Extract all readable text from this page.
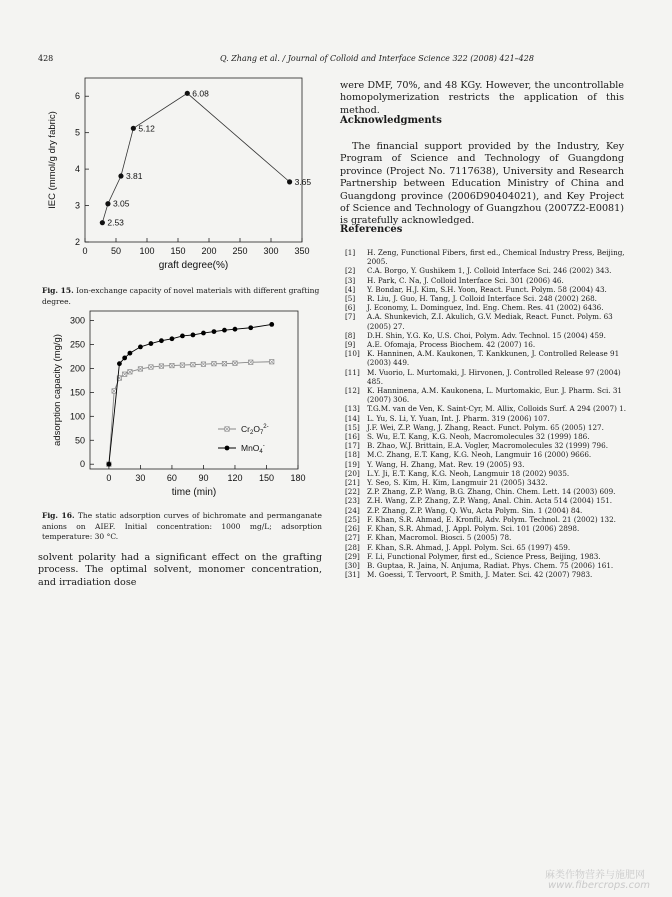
428	Q. Zhang et al. / Journal of Colloid and Interface Science 322 (2008) 421–428
0	50 100 150 200 250 300 350
2
3
4
5
6
graft degree(%)
IEC (mmol/g dry fabric)
2.53
3.05
3.81
5.12
6.08
3.65
Fig. 15. Ion-exchange capacity of novel materials with different grafting degree.
0	30 60 90 120 150 180
0
50
100
150
200
250
300
time (min)
adsorption capacity (mg/g)	$Cr_2O_7^{2-}$
MnO$_4$-
Fig. 16. The static adsorption curves of bichromate and permanganate anions on AIEF. Initial concentration: 1000 mg/L; adsorption temperature: 30 °C.
solvent polarity had a significant effect on the grafting process. The optimal solvent, monomer concentration, and irradiation dose
were DMF, 70%, and 48 KGy. However, the uncontrollable homopolymerization restricts the application of this method.
Acknowledgments
The financial support provided by the Industry, Key Program of Science and Technology of Guangdong province (Project No. 7117638), University and Research Partnership between Education Ministry of China and Guangdong province (2006D90404021), and Key Project of Science and Technology of Guangzhou (2007Z2-E0081) is gratefully acknowledged.
References
[1] H. Zeng, Functional Fibers, first ed., Chemical Industry Press, Beijing, 2005.
[2] C.A. Borgo, Y. Gushikem 1, J. Colloid Interface Sci. 246 (2002) 343.
[3] H. Park, C. Na, J. Colloid Interface Sci. 301 (2006) 46.
[4] Y. Bondar, H.J. Kim, S.H. Yoon, React. Funct. Polym. 58 (2004) 43.
[5] R. Liu, J. Guo, H. Tang, J. Colloid Interface Sci. 248 (2002) 268.
[6] J. Economy, L. Dominguez, Ind. Eng. Chem. Res. 41 (2002) 6436.
[7] A.A. Shunkevich, Z.I. Akulich, G.V. Mediak, React. Funct. Polym. 63 (2005) 27.
[8] D.H. Shin, Y.G. Ko, U.S. Choi, Polym. Adv. Technol. 15 (2004) 459.
[9] A.E. Ofomaja, Process Biochem. 42 (2007) 16.
[10] K. Hanninen, A.M. Kaukonen, T. Kankkunen, J. Controlled Release 91 (2003) 449.
[11] M. Vuorio, L. Murtomaki, J. Hirvonen, J. Controlled Release 97 (2004) 485.
[12] K. Hanninena, A.M. Kaukonena, L. Murtomakic, Eur. J. Pharm. Sci. 31 (2007) 306.
[13] T.G.M. van de Ven, K. Saint-Cyr, M. Allix, Colloids Surf. A 294 (2007) 1.
[14] L. Yu, S. Li, Y. Yuan, Int. J. Pharm. 319 (2006) 107.
[15] J.F. Wei, Z.P. Wang, J. Zhang, React. Funct. Polym. 65 (2005) 127.
[16] S. Wu, E.T. Kang, K.G. Neoh, Macromolecules 32 (1999) 186.
[17] B. Zhao, W.J. Brittain, E.A. Vogler, Macromolecules 32 (1999) 796.
[18] M.C. Zhang, E.T. Kang, K.G. Neoh, Langmuir 16 (2000) 9666.
[19] Y. Wang, H. Zhang, Mat. Rev. 19 (2005) 93.
[20] L.Y. Ji, E.T. Kang, K.G. Neoh, Langmuir 18 (2002) 9035.
[21] Y. Seo, S. Kim, H. Kim, Langmuir 21 (2005) 3432.
[22] Z.P. Zhang, Z.P. Wang, B.G. Zhang, Chin. Chem. Lett. 14 (2003) 609.
[23] Z.H. Wang, Z.P. Zhang, Z.P. Wang, Anal. Chin. Acta 514 (2004) 151.
[24] Z.P. Zhang, Z.P. Wang, Q. Wu, Acta Polym. Sin. 1 (2004) 84.
[25] F. Khan, S.R. Ahmad, E. Kronfli, Adv. Polym. Technol. 21 (2002) 132.
[26] F. Khan, S.R. Ahmad, J. Appl. Polym. Sci. 101 (2006) 2898.
[27] F. Khan, Macromol. Biosci. 5 (2005) 78.
[28] F. Khan, S.R. Ahmad, J. Appl. Polym. Sci. 65 (1997) 459.
[29] F. Li, Functional Polymer, first ed., Science Press, Beijing, 1983.
[30] B. Guptaa, R. Jaina, N. Anjuma, Radiat. Phys. Chem. 75 (2006) 161.
[31] M. Goessi, T. Tervoort, P. Smith, J. Mater. Sci. 42 (2007) 7983.
麻类作物营养与施肥网
www.fibercrops.com
